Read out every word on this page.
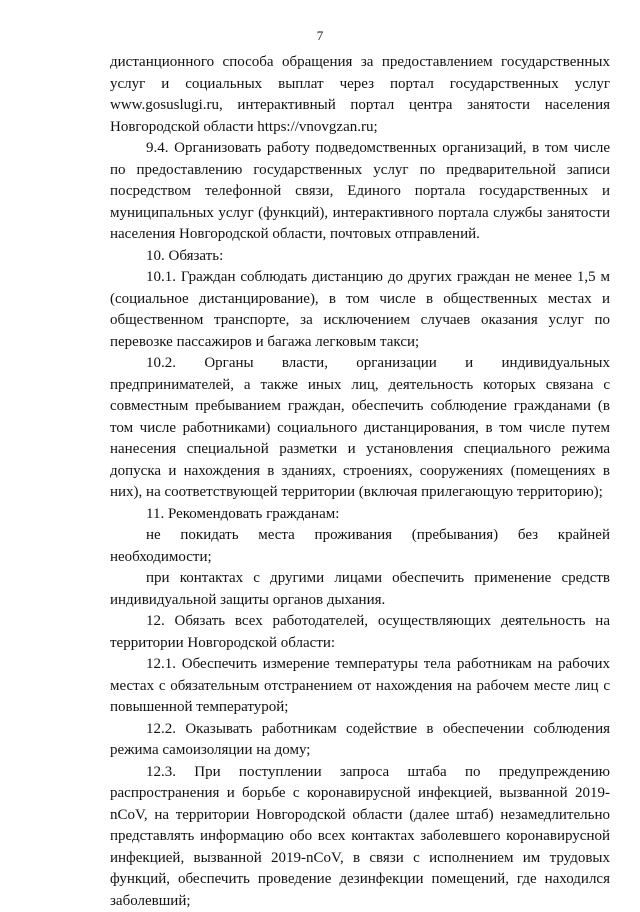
7

дистанционного способа обращения за предоставлением государственных услуг и социальных выплат через портал государственных услуг www.gosuslugi.ru, интерактивный портал центра занятости населения Новгородской области https://vnovgzan.ru;

9.4. Организовать работу подведомственных организаций, в том числе по предоставлению государственных услуг по предварительной записи посредством телефонной связи, Единого портала государственных и муниципальных услуг (функций), интерактивного портала службы занятости населения Новгородской области, почтовых отправлений.

10. Обязать:

10.1. Граждан соблюдать дистанцию до других граждан не менее 1,5 м (социальное дистанцирование), в том числе в общественных местах и общественном транспорте, за исключением случаев оказания услуг по перевозке пассажиров и багажа легковым такси;

10.2. Органы власти, организации и индивидуальных предпринимателей, а также иных лиц, деятельность которых связана с совместным пребыванием граждан, обеспечить соблюдение гражданами (в том числе работниками) социального дистанцирования, в том числе путем нанесения специальной разметки и установления специального режима допуска и нахождения в зданиях, строениях, сооружениях (помещениях в них), на соответствующей территории (включая прилегающую территорию);

11. Рекомендовать гражданам:

не покидать места проживания (пребывания) без крайней необходимости;

при контактах с другими лицами обеспечить применение средств индивидуальной защиты органов дыхания.

12. Обязать всех работодателей, осуществляющих деятельность на территории Новгородской области:

12.1. Обеспечить измерение температуры тела работникам на рабочих местах с обязательным отстранением от нахождения на рабочем месте лиц с повышенной температурой;

12.2. Оказывать работникам содействие в обеспечении соблюдения режима самоизоляции на дому;

12.3. При поступлении запроса штаба по предупреждению распространения и борьбе с коронавирусной инфекцией, вызванной 2019-nCoV, на территории Новгородской области (далее штаб) незамедлительно представлять информацию обо всех контактах заболевшего коронавирусной инфекцией, вызванной 2019-nCoV, в связи с исполнением им трудовых функций, обеспечить проведение дезинфекции помещений, где находился заболевший;
